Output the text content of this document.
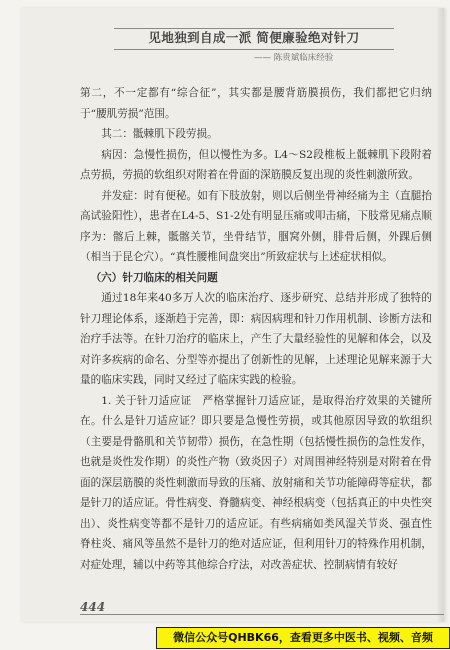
见地独到自成一派 简便廉验绝对针刀
—— 陈贵斌临床经验

第二，不一定都有“综合征”，其实都是腰背筋膜损伤，我们都把它归纳于“腰肌劳损”范围。

其二：骶棘肌下段劳损。

病因：急慢性损伤，但以慢性为多。L4～S2段椎板上骶棘肌下段附着点劳损，劳损的软组织对附着在骨面的深筋膜反复出现的炎性刺激所致。

并发症：时有便秘。如有下肢放射，则以后侧坐骨神经痛为主（直腿抬高试验阳性），患者在L4-5、S1-2处有明显压痛或叩击痛，下肢常见痛点顺序为：髂后上棘，骶髂关节，坐骨结节，腘窝外侧，腓骨后侧，外踝后侧（相当于昆仑穴）。“真性腰椎间盘突出”所致症状与上述症状相似。

（六）针刀临床的相关问题

通过18年来40多万人次的临床治疗、逐步研究、总结并形成了独特的针刀理论体系，逐渐趋于完善，即：病因病理和针刀作用机制、诊断方法和治疗手法等。在针刀治疗的临床上，产生了大量经验性的见解和体会，以及对许多疾病的命名、分型等亦提出了创新性的见解，上述理论见解来源于大量的临床实践，同时又经过了临床实践的检验。

1. 关于针刀适应证　严格掌握针刀适应证，是取得治疗效果的关键所在。什么是针刀适应证？即只要是急慢性劳损，或其他原因导致的软组织（主要是骨骼肌和关节韧带）损伤，在急性期（包括慢性损伤的急性发作，也就是炎性发作期）的炎性产物（致炎因子）对周围神经特别是对附着在骨面的深层筋膜的炎性刺激而导致的压痛、放射痛和关节功能障碍等症状，都是针刀的适应证。骨性病变、脊髓病变、神经根病变（包括真正的中央性突出）、炎性病变等都不是针刀的适应证。有些病痛如类风湿关节炎、强直性脊柱炎、痛风等虽然不是针刀的绝对适应证，但利用针刀的特殊作用机制，对症处理，辅以中药等其他综合疗法，对改善症状、控制病情有较好

444
微信公众号QHBK66，查看更多中医书、视频、音频
